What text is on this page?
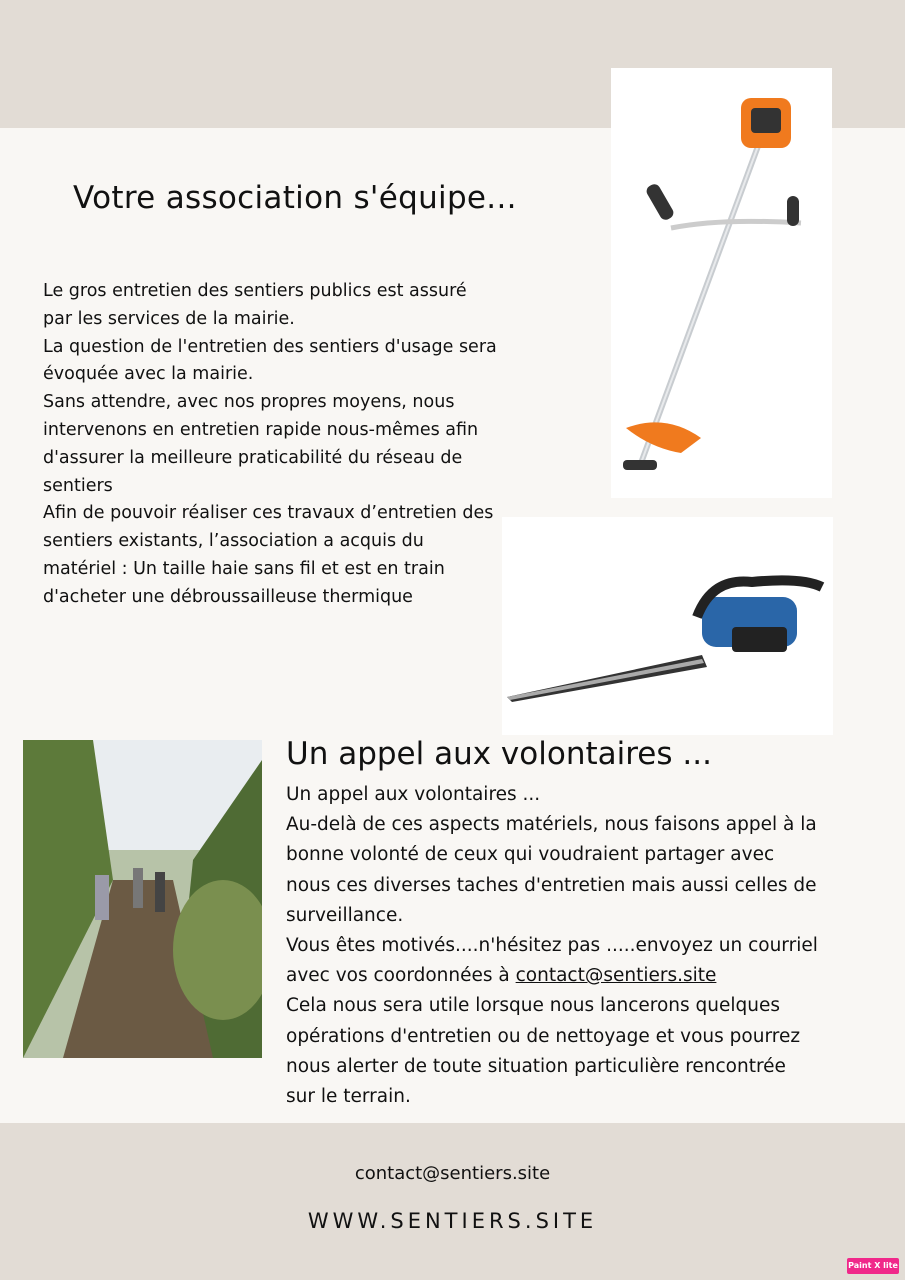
Votre association s'équipe...
Le gros entretien des sentiers publics est assuré
par les services de la mairie.
La question de l'entretien des sentiers d'usage sera
évoquée avec la mairie.
Sans attendre, avec nos propres moyens, nous
intervenons en entretien rapide nous-mêmes afin
d'assurer la meilleure praticabilité du réseau de
sentiers
Afin de pouvoir réaliser ces travaux d’entretien des
sentiers existants, l’association a acquis du
matériel : Un taille haie sans fil et est en train
d'acheter une débroussailleuse thermique
Un appel aux volontaires ...
Un appel aux volontaires ...
Au-delà de ces aspects matériels, nous faisons appel à la
bonne volonté de ceux qui voudraient partager avec
nous ces diverses taches d'entretien mais aussi celles de
surveillance.
Vous êtes motivés....n'hésitez pas .....envoyez un courriel
avec vos coordonnées à contact@sentiers.site
Cela nous sera utile lorsque nous lancerons quelques
opérations d'entretien ou de nettoyage et vous pourrez
nous alerter de toute situation particulière rencontrée
sur le terrain.
contact@sentiers.site
WWW.SENTIERS.SITE
Paint X lite
